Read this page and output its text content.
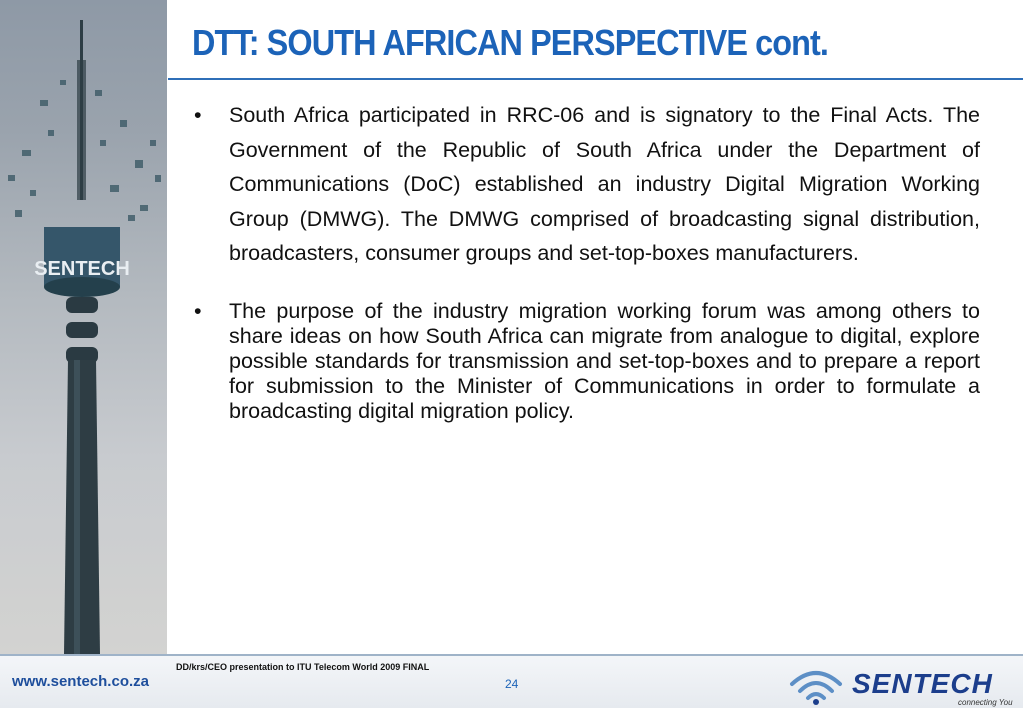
SENTECH
DTT: SOUTH AFRICAN PERSPECTIVE cont.
• South Africa participated in RRC-06 and is signatory to the Final Acts. The Government of the Republic of South Africa under the Department of Communications (DoC) established an industry Digital Migration Working Group (DMWG). The DMWG comprised of broadcasting signal distribution, broadcasters, consumer groups and set-top-boxes manufacturers.
• The purpose of the industry migration working forum was among others to share ideas on how South Africa can migrate from analogue to digital, explore possible standards for transmission and set-top-boxes and to prepare a report for submission to the Minister of Communications in order to formulate a broadcasting digital migration policy.
www.sentech.co.za
DD/krs/CEO presentation to ITU Telecom World 2009 FINAL
24	SENTECH
connecting You
